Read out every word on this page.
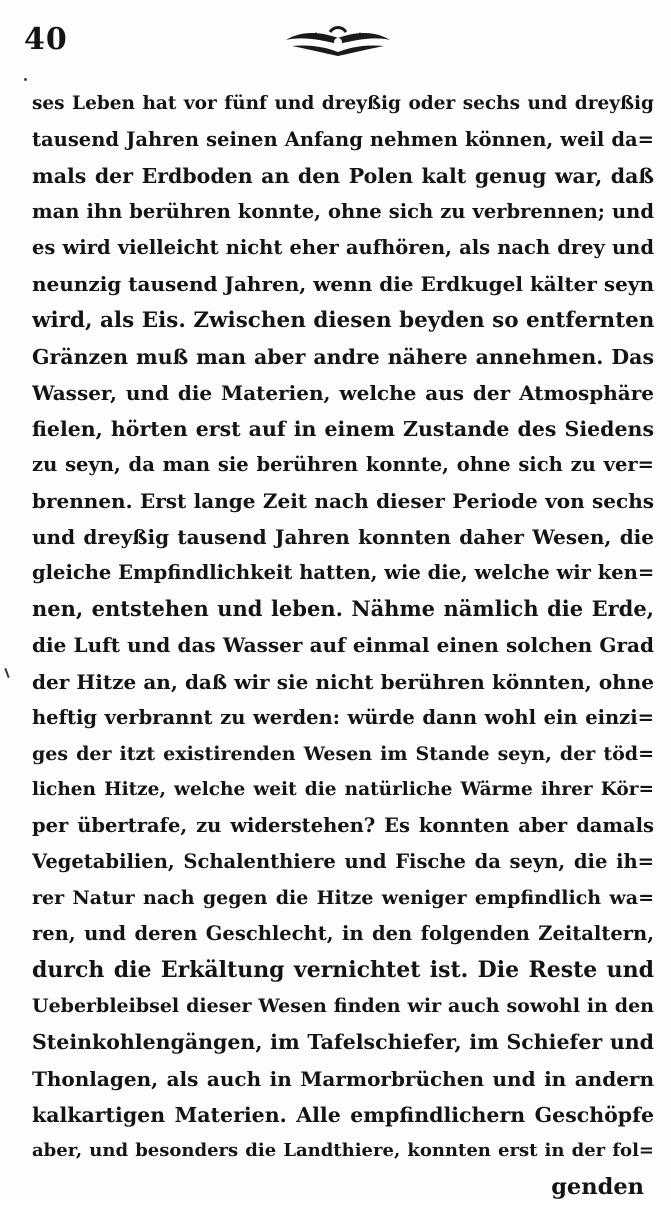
40
ses Leben hat vor fünf und dreyßig oder sechs und dreyßig
tausend Jahren seinen Anfang nehmen können, weil da=
mals der Erdboden an den Polen kalt genug war, daß
man ihn berühren konnte, ohne sich zu verbrennen; und
es wird vielleicht nicht eher aufhören, als nach drey und
neunzig tausend Jahren, wenn die Erdkugel kälter seyn
wird, als Eis. Zwischen diesen beyden so entfernten
Gränzen muß man aber andre nähere annehmen. Das
Wasser, und die Materien, welche aus der Atmosphäre
fielen, hörten erst auf in einem Zustande des Siedens
zu seyn, da man sie berühren konnte, ohne sich zu ver=
brennen. Erst lange Zeit nach dieser Periode von sechs
und dreyßig tausend Jahren konnten daher Wesen, die
gleiche Empfindlichkeit hatten, wie die, welche wir ken=
nen, entstehen und leben. Nähme nämlich die Erde,
die Luft und das Wasser auf einmal einen solchen Grad
der Hitze an, daß wir sie nicht berühren könnten, ohne
heftig verbrannt zu werden: würde dann wohl ein einzi=
ges der itzt existirenden Wesen im Stande seyn, der töd=
lichen Hitze, welche weit die natürliche Wärme ihrer Kör=
per übertrafe, zu widerstehen? Es konnten aber damals
Vegetabilien, Schalenthiere und Fische da seyn, die ih=
rer Natur nach gegen die Hitze weniger empfindlich wa=
ren, und deren Geschlecht, in den folgenden Zeitaltern,
durch die Erkältung vernichtet ist. Die Reste und
Ueberbleibsel dieser Wesen finden wir auch sowohl in den
Steinkohlengängen, im Tafelschiefer, im Schiefer und
Thonlagen, als auch in Marmorbrüchen und in andern
kalkartigen Materien. Alle empfindlichern Geschöpfe
aber, und besonders die Landthiere, konnten erst in der fol=
genden
